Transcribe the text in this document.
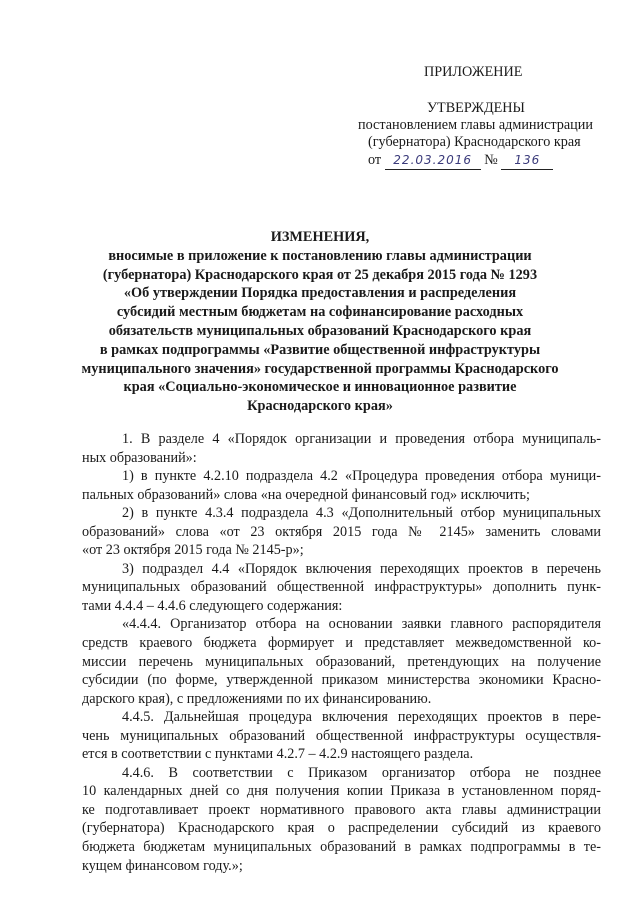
ПРИЛОЖЕНИЕ
УТВЕРЖДЕНЫ
постановлением главы администрации
(губернатора) Краснодарского края
от 22.03.2016 № 136
ИЗМЕНЕНИЯ,
вносимые в приложение к постановлению главы администрации
(губернатора) Краснодарского края от 25 декабря 2015 года № 1293
«Об утверждении Порядка предоставления и распределения
субсидий местным бюджетам на софинансирование расходных
обязательств муниципальных образований Краснодарского края
в рамках подпрограммы «Развитие общественной инфраструктуры
муниципального значения» государственной программы Краснодарского
края «Социально-экономическое и инновационное развитие
Краснодарского края»
1. В разделе 4 «Порядок организации и проведения отбора муниципаль-
ных образований»:
1) в пункте 4.2.10 подраздела 4.2 «Процедура проведения отбора муници-
пальных образований» слова «на очередной финансовый год» исключить;
2) в пункте 4.3.4 подраздела 4.3 «Дополнительный отбор муниципальных
образований» слова «от 23 октября 2015 года № 2145» заменить словами
«от 23 октября 2015 года № 2145-р»;
3) подраздел 4.4 «Порядок включения переходящих проектов в перечень
муниципальных образований общественной инфраструктуры» дополнить пунк-
тами 4.4.4 – 4.4.6 следующего содержания:
«4.4.4. Организатор отбора на основании заявки главного распорядителя
средств краевого бюджета формирует и представляет межведомственной ко-
миссии перечень муниципальных образований, претендующих на получение
субсидии (по форме, утвержденной приказом министерства экономики Красно-
дарского края), с предложениями по их финансированию.
4.4.5. Дальнейшая процедура включения переходящих проектов в пере-
чень муниципальных образований общественной инфраструктуры осуществля-
ется в соответствии с пунктами 4.2.7 – 4.2.9 настоящего раздела.
4.4.6. В соответствии с Приказом организатор отбора не позднее
10 календарных дней со дня получения копии Приказа в установленном поряд-
ке подготавливает проект нормативного правового акта главы администрации
(губернатора) Краснодарского края о распределении субсидий из краевого
бюджета бюджетам муниципальных образований в рамках подпрограммы в те-
кущем финансовом году.»;
